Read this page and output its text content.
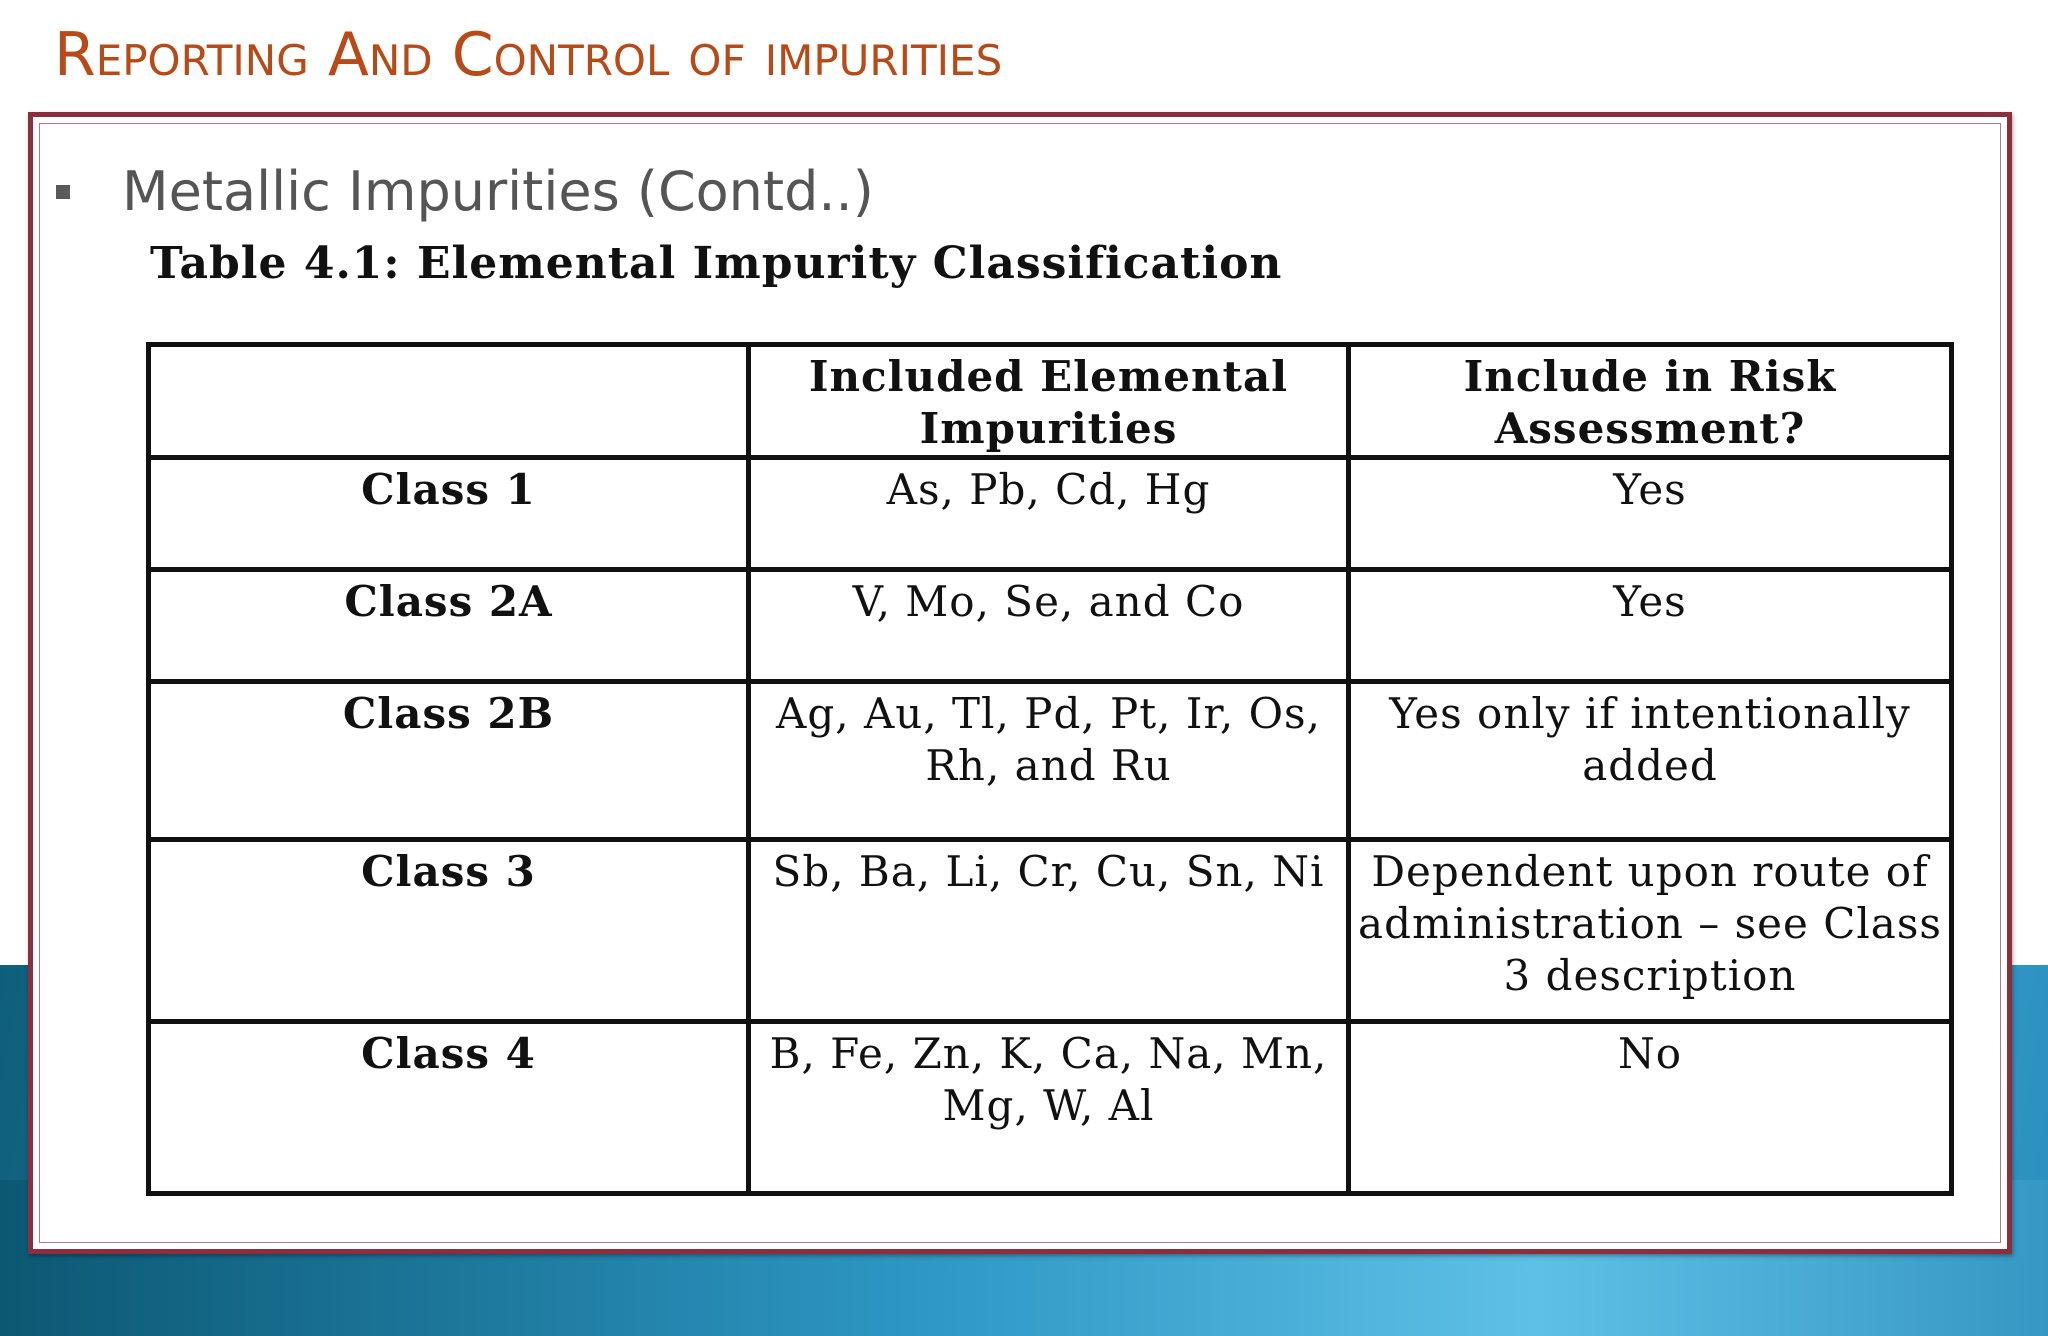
Reporting And Control of impurities
Metallic Impurities (Contd..)
Table 4.1: Elemental Impurity Classification
	Included Elemental Impurities	Include in Risk Assessment?
Class 1	As, Pb, Cd, Hg	Yes
Class 2A	V, Mo, Se, and Co	Yes
Class 2B	Ag, Au, Tl, Pd, Pt, Ir, Os, Rh, and Ru	Yes only if intentionally added
Class 3	Sb, Ba, Li, Cr, Cu, Sn, Ni	Dependent upon route of administration – see Class 3 description
Class 4	B, Fe, Zn, K, Ca, Na, Mn, Mg, W, Al	No
